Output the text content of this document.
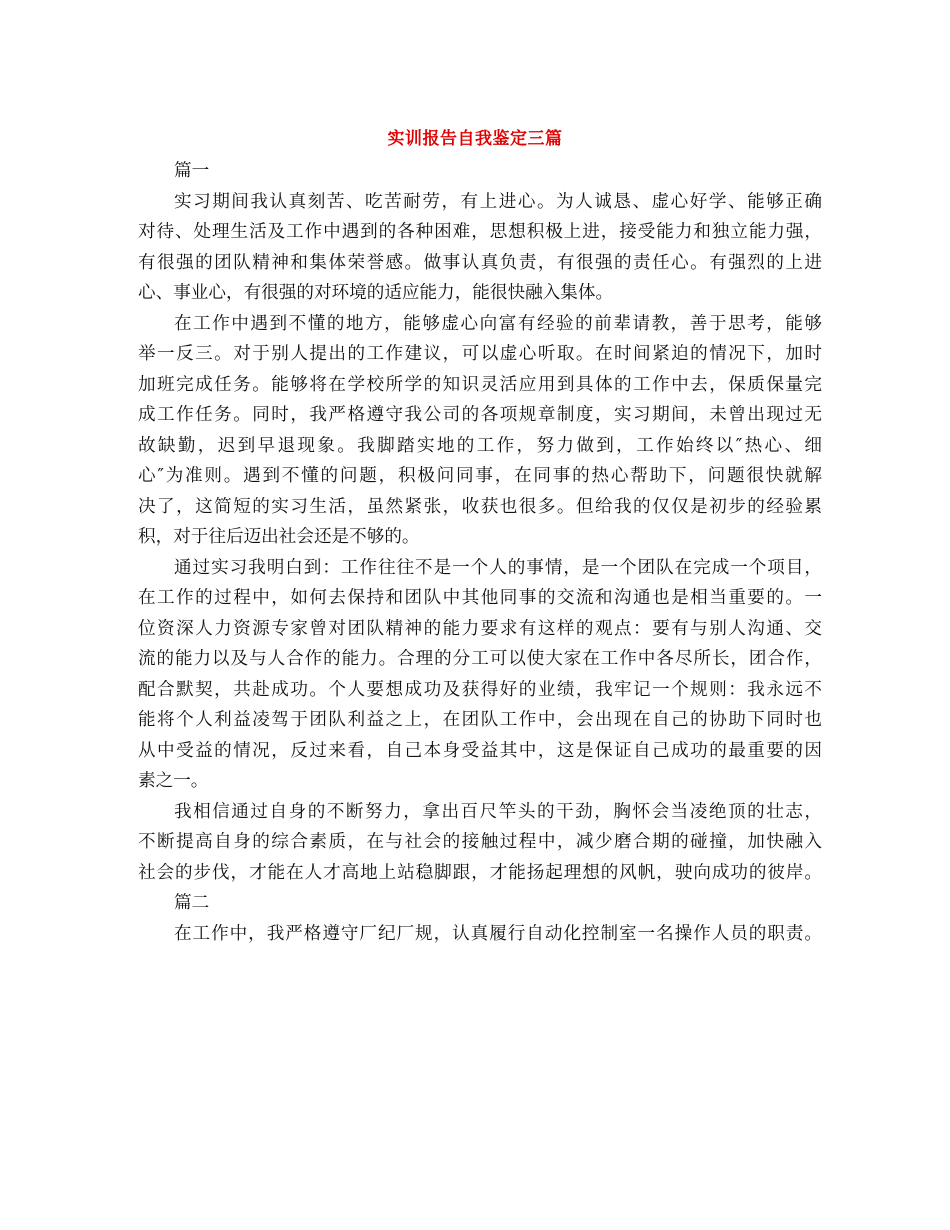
实训报告自我鉴定三篇
篇一
实习期间我认真刻苦、吃苦耐劳，有上进心。为人诚恳、虚心好学、能够正确
对待、处理生活及工作中遇到的各种困难，思想积极上进，接受能力和独立能力强，
有很强的团队精神和集体荣誉感。做事认真负责，有很强的责任心。有强烈的上进
心、事业心，有很强的对环境的适应能力，能很快融入集体。
在工作中遇到不懂的地方，能够虚心向富有经验的前辈请教，善于思考，能够
举一反三。对于别人提出的工作建议，可以虚心听取。在时间紧迫的情况下，加时
加班完成任务。能够将在学校所学的知识灵活应用到具体的工作中去，保质保量完
成工作任务。同时，我严格遵守我公司的各项规章制度，实习期间，未曾出现过无
故缺勤，迟到早退现象。我脚踏实地的工作，努力做到，工作始终以″热心、细
心″为准则。遇到不懂的问题，积极问同事，在同事的热心帮助下，问题很快就解
决了，这简短的实习生活，虽然紧张，收获也很多。但给我的仅仅是初步的经验累
积，对于往后迈出社会还是不够的。
通过实习我明白到：工作往往不是一个人的事情，是一个团队在完成一个项目，
在工作的过程中，如何去保持和团队中其他同事的交流和沟通也是相当重要的。一
位资深人力资源专家曾对团队精神的能力要求有这样的观点：要有与别人沟通、交
流的能力以及与人合作的能力。合理的分工可以使大家在工作中各尽所长，团合作，
配合默契，共赴成功。个人要想成功及获得好的业绩，我牢记一个规则：我永远不
能将个人利益凌驾于团队利益之上，在团队工作中，会出现在自己的协助下同时也
从中受益的情况，反过来看，自己本身受益其中，这是保证自己成功的最重要的因
素之一。
我相信通过自身的不断努力，拿出百尺竿头的干劲，胸怀会当凌绝顶的壮志，
不断提高自身的综合素质，在与社会的接触过程中，减少磨合期的碰撞，加快融入
社会的步伐，才能在人才高地上站稳脚跟，才能扬起理想的风帆，驶向成功的彼岸。
篇二
在工作中，我严格遵守厂纪厂规，认真履行自动化控制室一名操作人员的职责。
